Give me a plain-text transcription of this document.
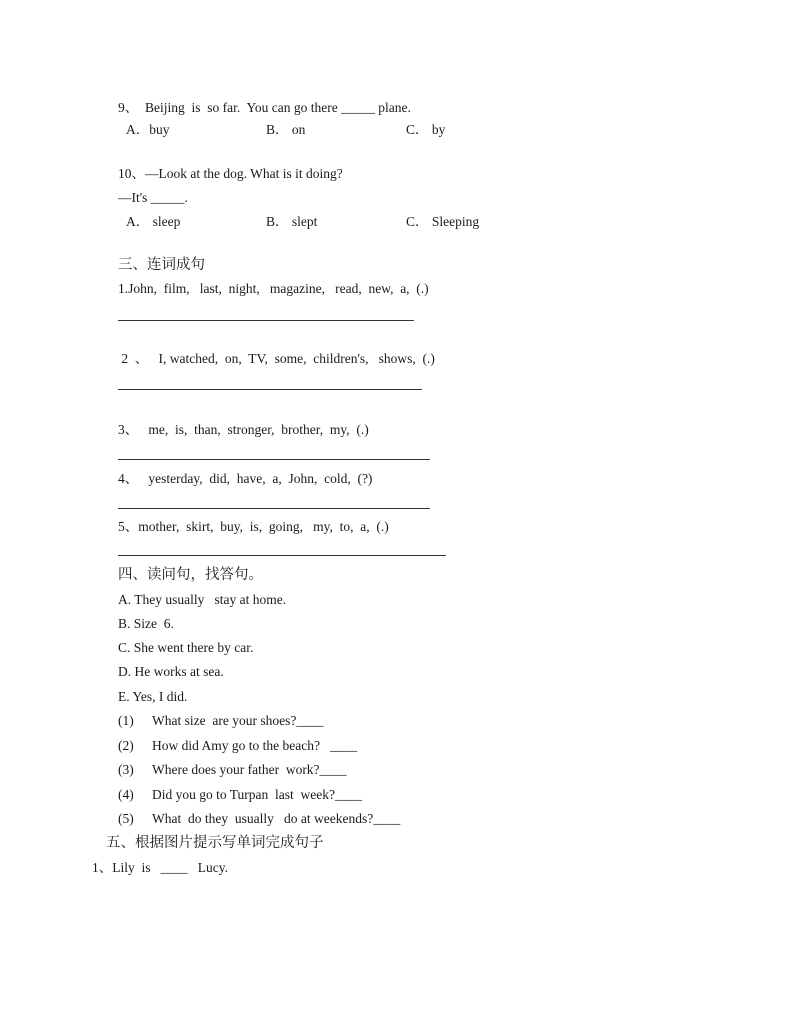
9、  Beijing  is  so far.  You can go there _____ plane.
A．buy	B． on	C． by
10、—Look at the dog. What is it doing?
—It's _____.
A． sleep	B． slept	C． Sleeping
三、连词成句
1.John,  film,   last,  night,   magazine,   read,  new,  a,  (.)
2  、   I, watched,  on,  TV,  some,  children's,   shows,  (.)
3、   me,  is,  than,  stronger,  brother,  my,  (.)
4、   yesterday,  did,  have,  a,  John,  cold,  (?)
5、mother,  skirt,  buy,  is,  going,   my,  to,  a,  (.)
四、读问句，找答句。
A. They usually   stay at home.
B. Size  6.
C. She went there by car.
D. He works at sea.
E. Yes, I did.
(1) What size  are your shoes?____
(2) How did Amy go to the beach?   ____
(3) Where does your father  work?____
(4) Did you go to Turpan  last  week?____
(5) What  do they  usually   do at weekends?____
五、根据图片提示写单词完成句子
1、Lily  is   ____   Lucy.
